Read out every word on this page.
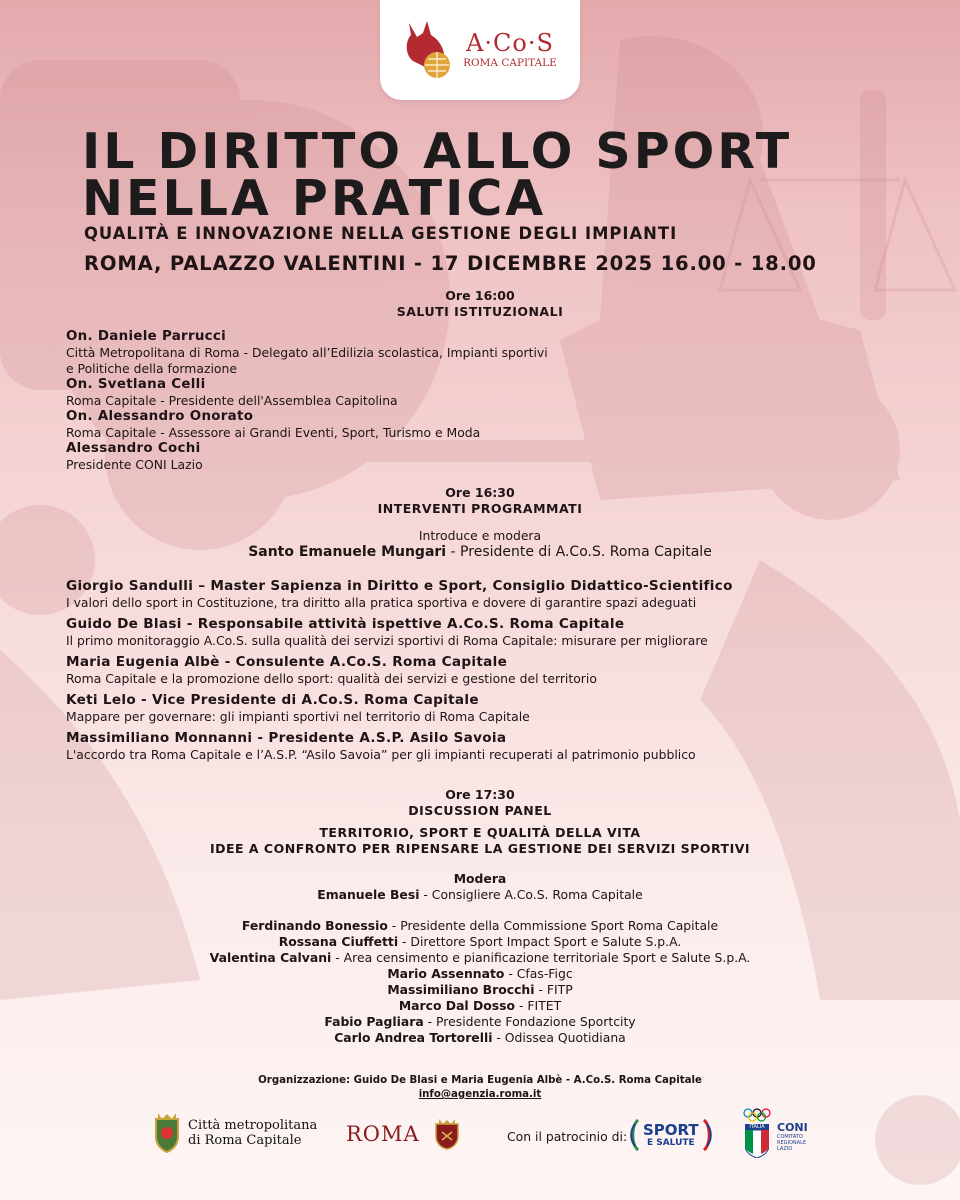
A·Co·S
ROMA CAPITALE
IL DIRITTO ALLO SPORT
NELLA PRATICA
QUALITÀ E INNOVAZIONE NELLA GESTIONE DEGLI IMPIANTI
ROMA, PALAZZO VALENTINI - 17 DICEMBRE 2025 16.00 - 18.00
Ore 16:00
SALUTI ISTITUZIONALI
On. Daniele Parrucci
Città Metropolitana di Roma - Delegato all’Edilizia scolastica, Impianti sportivi
e Politiche della formazione
On. Svetlana Celli
Roma Capitale - Presidente dell'Assemblea Capitolina
On. Alessandro Onorato
Roma Capitale - Assessore ai Grandi Eventi, Sport, Turismo e Moda
Alessandro Cochi
Presidente CONI Lazio
Ore 16:30
INTERVENTI PROGRAMMATI
Introduce e modera
Santo Emanuele Mungari - Presidente di A.Co.S. Roma Capitale
Giorgio Sandulli – Master Sapienza in Diritto e Sport, Consiglio Didattico-Scientifico
I valori dello sport in Costituzione, tra diritto alla pratica sportiva e dovere di garantire spazi adeguati
Guido De Blasi - Responsabile attività ispettive A.Co.S. Roma Capitale
Il primo monitoraggio A.Co.S. sulla qualità dei servizi sportivi di Roma Capitale: misurare per migliorare
Maria Eugenia Albè - Consulente A.Co.S. Roma Capitale
Roma Capitale e la promozione dello sport: qualità dei servizi e gestione del territorio
Keti Lelo - Vice Presidente di A.Co.S. Roma Capitale
Mappare per governare: gli impianti sportivi nel territorio di Roma Capitale
Massimiliano Monnanni - Presidente A.S.P. Asilo Savoia
L'accordo tra Roma Capitale e l’A.S.P. “Asilo Savoia” per gli impianti recuperati al patrimonio pubblico
Ore 17:30
DISCUSSION PANEL
TERRITORIO, SPORT E QUALITÀ DELLA VITA
IDEE A CONFRONTO PER RIPENSARE LA GESTIONE DEI SERVIZI SPORTIVI
Modera
Emanuele Besi - Consigliere A.Co.S. Roma Capitale
Ferdinando Bonessio - Presidente della Commissione Sport Roma Capitale
Rossana Ciuffetti - Direttore Sport Impact Sport e Salute S.p.A.
Valentina Calvani - Area censimento e pianificazione territoriale Sport e Salute S.p.A.
Mario Assennato - Cfas-Figc
Massimiliano Brocchi - FITP
Marco Dal Dosso - FITET
Fabio Pagliara - Presidente Fondazione Sportcity
Carlo Andrea Tortorelli - Odissea Quotidiana
Organizzazione: Guido De Blasi e Maria Eugenia Albè - A.Co.S. Roma Capitale
info@agenzia.roma.it
Città metropolitana
di Roma Capitale	ROMA	Con il patrocinio di: SPORT
E SALUTE
ITALIA	CONI
COMITATO
REGIONALE
LAZIO
